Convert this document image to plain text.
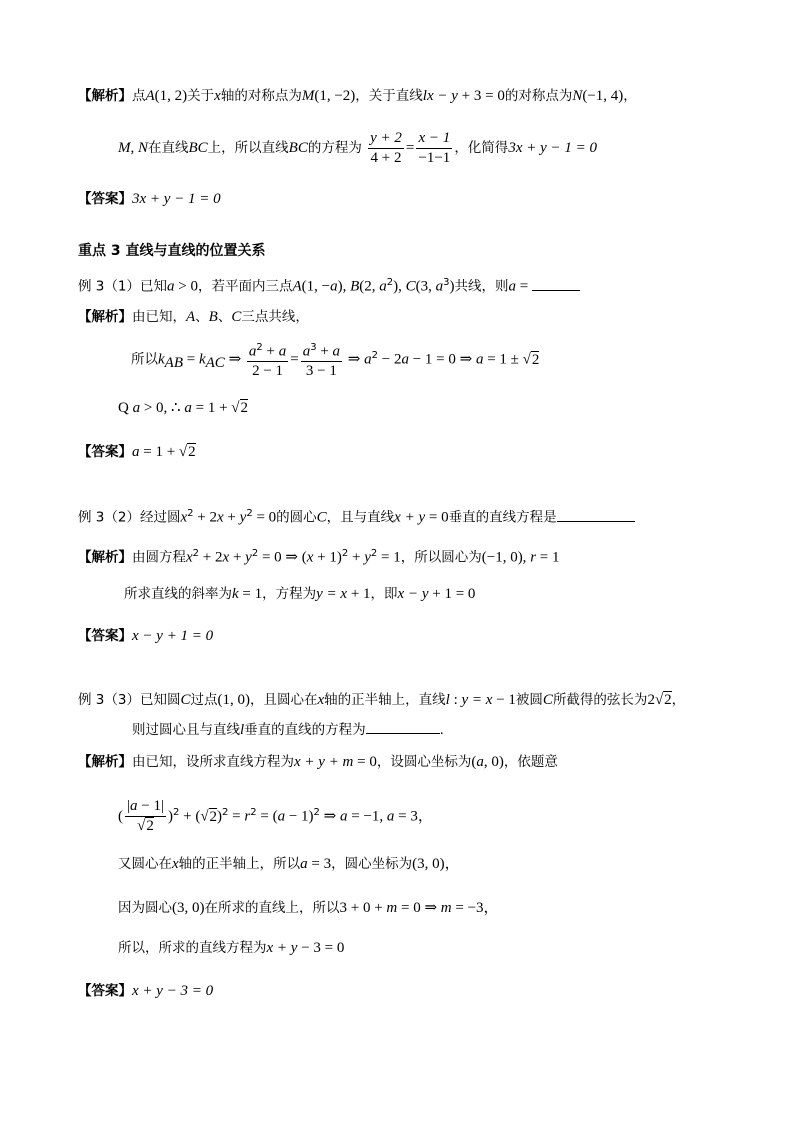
【解析】点A(1, 2)关于x轴的对称点为M(1, −2)，关于直线lx − y + 3 = 0的对称点为N(−1, 4)，
M, N在直线BC上，所以直线BC的方程为 $\frac{y + 2}{4 + 2} = \frac{x - 1}{-1-1}$ ，化简得3x + y − 1 = 0
【答案】3x + y − 1 = 0
重点 3 直线与直线的位置关系
例 3（1）已知a > 0，若平面内三点A(1, −a), B(2, $a^2$), C(3, $a^3$)共线，则a =
【解析】由已知，A、B、C三点共线，
所以$k_{AB} = k_{AC}$ ⇒ $\frac{a^2 + a}{2 - 1} = \frac{a^3 + a}{3 - 1}$ ⇒ $a^2 - 2a - 1 = 0$ ⇒ a = 1 ± √2
Q a > 0, ∴ a = 1 + √2
【答案】a = 1 + √2
例 3（2）经过圆$x^2 + 2x + y^2 = 0$的圆心C，且与直线x + y = 0垂直的直线方程是
【解析】由圆方程$x^2 + 2x + y^2 = 0$ ⇒ $(x + 1)^2 + y^2 = 1$，所以圆心为(−1, 0), r = 1
所求直线的斜率为k = 1，方程为y = x + 1，即x − y + 1 = 0
【答案】x − y + 1 = 0
例 3（3）已知圆C过点(1, 0)，且圆心在x轴的正半轴上，直线l : y = x − 1被圆C所截得的弦长为2√2，
则过圆心且与直线l垂直的直线的方程为	.
【解析】由已知，设所求直线方程为x + y + m = 0，设圆心坐标为(a, 0)，依题意
( $\frac{|a - 1|}{√2} )^2 + (√2)^2 = r^2 = (a - 1)^2$ ⇒ a = −1, a = 3，
又圆心在x轴的正半轴上，所以a = 3，圆心坐标为(3, 0)，
因为圆心(3, 0)在所求的直线上，所以3 + 0 + m = 0 ⇒ m = −3，
所以，所求的直线方程为x + y − 3 = 0
【答案】x + y − 3 = 0
